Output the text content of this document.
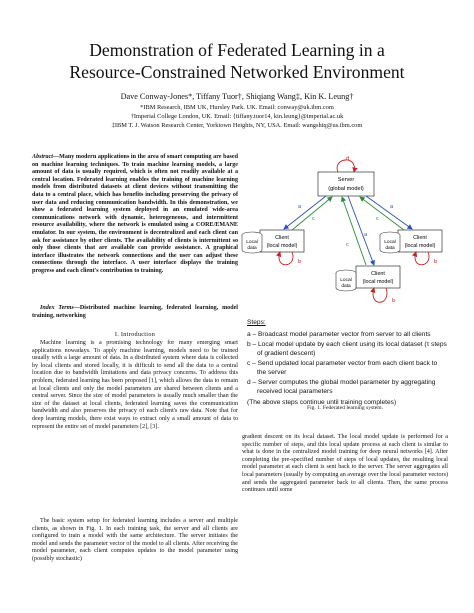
Demonstration of Federated Learning in a
Resource-Constrained Networked Environment
Dave Conway-Jones*, Tiffany Tuor†, Shiqiang Wang‡, Kin K. Leung†
*IBM Research, IBM UK, Hursley Park. UK. Email: conway@uk.ibm.com
†Imperial College London, UK. Email: {tiffany.tuor14, kin.leung}@imperial.ac.uk
‡IBM T. J. Watson Research Center, Yorktown Heights, NY, USA. Email: wangshiq@us.ibm.com
Abstract—Many modern applications in the area of smart computing are based on machine learning techniques. To train machine learning models, a large amount of data is usually required, which is often not readily available at a central location. Federated learning enables the training of machine learning models from distributed datasets at client devices without transmitting the data to a central place, which has benefits including preserving the privacy of user data and reducing communication bandwidth. In this demonstration, we show a federated learning system deployed in an emulated wide-area communications network with dynamic, heterogeneous, and intermittent resource availability, where the network is emulated using a CORE/EMANE emulator. In our system, the environment is decentralized and each client can ask for assistance by other clients. The availability of clients is intermittent so only those clients that are available can provide assistance. A graphical interface illustrates the network connections and the user can adjust these connections through the interface. A user interface displays the training progress and each client's contribution to training.
Index Terms—Distributed machine learning, federated learning, model training, networking
I. Introduction
Machine learning is a promising technology for many emerging smart applications nowadays. To apply machine learning, models need to be trained usually with a large amount of data. In a distributed system where data is collected by local clients and stored locally, it is difficult to send all the data to a central location due to bandwidth limitations and data privacy concerns. To address this problem, federated learning has been proposed [1], which allows the data to remain at local clients and only the model parameters are shared between clients and a central server. Since the size of model parameters is usually much smaller than the size of the dataset at local clients, federated learning saves the communication bandwidth and also preserves the privacy of each client's raw data. Note that for deep learning models, there exist ways to extract only a small amount of data to represent the entire set of model parameters [2], [3].
The basic system setup for federated learning includes a server and multiple clients, as shown in Fig. 1. In each training task, the server and all clients are configured to train a model with the same architecture. The server initiates the model and sends the parameter vector of the model to all clients. After receiving the model parameter, each client computes updates to the model parameter using (possibly stochastic)
gradient descent on its local dataset. The local model update is performed for a specific number of steps, and this local update process at each client is similar to what is done in the centralized model training for deep neural networks [4]. After completing the pre-specified number of steps of local updates, the resulting local model parameter at each client is sent back to the server. The server aggregates all local parameters (usually by computing an average over the local parameter vectors) and sends the aggregated parameter back to all clients. Then, the same process continues until some
Server
(global model)
d
Client
(local model)
Local
data
b
Client
(local model)
Local
data
b
Client
(local model)
Local
data
b
a	a
a
c	c
c
Steps:
a – Broadcast model parameter vector from server to all clients
b – Local model update by each client using its local dataset (τ steps of gradient descent)
c – Send updated local parameter vector from each client back to the server
d – Server computes the global model parameter by aggregating received local parameters
(The above steps continue until training completes)
Fig. 1. Federated learning system.
